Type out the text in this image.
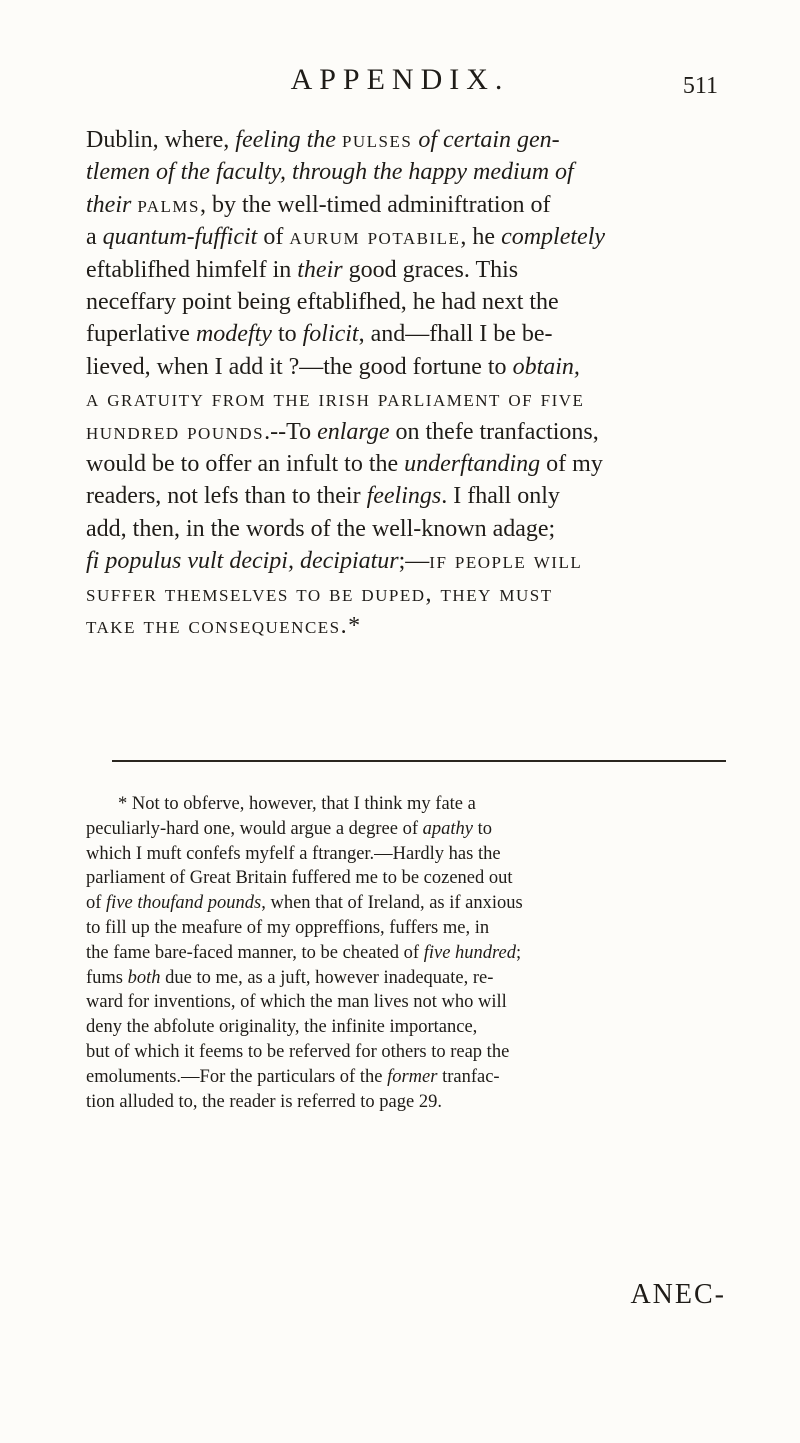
APPENDIX.	511
Dublin, where, feeling the pulses of certain gen-
tlemen of the faculty, through the happy medium of
their palms, by the well-timed adminiftration of
a quantum-fufficit of aurum potabile, he completely
eftablifhed himfelf in their good graces. This
neceffary point being eftablifhed, he had next the
fuperlative modefty to folicit, and—fhall I be be-
lieved, when I add it ?—the good fortune to obtain,
a gratuity from the irish parliament of five
hundred pounds.--To enlarge on thefe tranfactions,
would be to offer an infult to the underftanding of my
readers, not lefs than to their feelings. I fhall only
add, then, in the words of the well-known adage;
fi populus vult decipi, decipiatur;—if people will
suffer themselves to be duped, they must
take the consequences.*
* Not to obferve, however, that I think my fate a
peculiarly-hard one, would argue a degree of apathy to
which I muft confefs myfelf a ftranger.—Hardly has the
parliament of Great Britain fuffered me to be cozened out
of five thoufand pounds, when that of Ireland, as if anxious
to fill up the meafure of my oppreffions, fuffers me, in
the fame bare-faced manner, to be cheated of five hundred;
fums both due to me, as a juft, however inadequate, re-
ward for inventions, of which the man lives not who will
deny the abfolute originality, the infinite importance,
but of which it feems to be referved for others to reap the
emoluments.—For the particulars of the former tranfac-
tion alluded to, the reader is referred to page 29.
ANEC-
